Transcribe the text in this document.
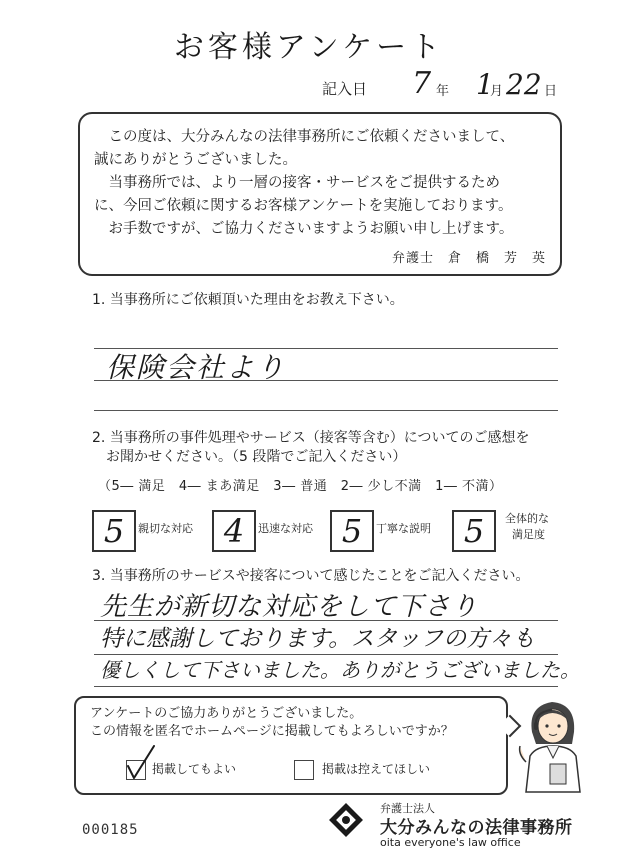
お客様アンケート
記入日 7 年 1
月 22 日

　この度は、大分みんなの法律事務所にご依頼くださいまして、

誠にありがとうございました。

　当事務所では、より一層の接客・サービスをご提供するため

に、今回ご依頼に関するお客様アンケートを実施しております。

　お手数ですが、ご協力くださいますようお願い申し上げます。

弁護士　倉　橋　芳　英
1. 当事務所にご依頼頂いた理由をお教え下さい。
保険会社より
2. 当事務所の事件処理やサービス（接客等含む）についてのご感想を
お聞かせください。（5 段階でご記入ください）
（5― 満足　4― まあ満足　3― 普通　2― 少し不満　1― 不満）
5	親切な対応 4	迅速な対応 5	丁寧な説明	5	全体的な
満足度
3. 当事務所のサービスや接客について感じたことをご記入ください。
先生が新切な対応をして下さり
特に感謝しております。スタッフの方々も
優しくして下さいました。ありがとうございました。
アンケートのご協力ありがとうございました。
この情報を匿名でホームページに掲載してもよろしいですか？
掲載してもよい	掲載は控えてほしい
000185
弁護士法人
大分みんなの法律事務所
oita everyone's law office
